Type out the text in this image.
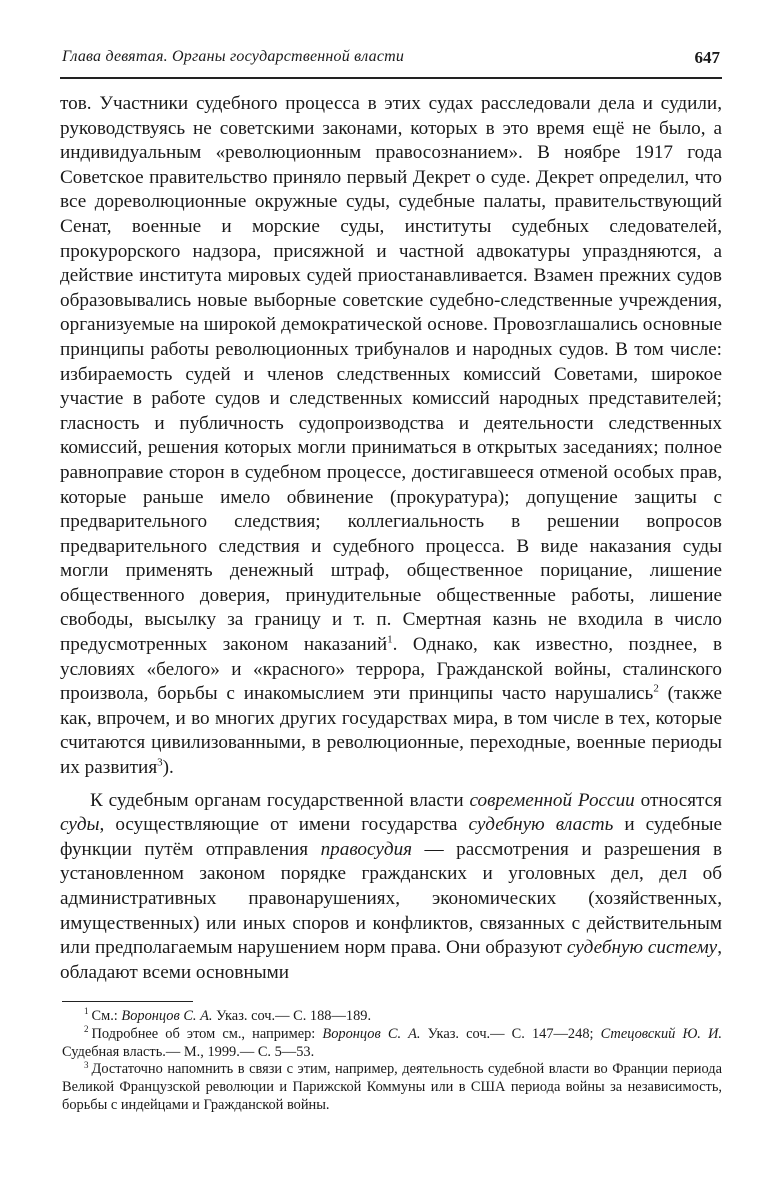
Глава девятая. Органы государственной власти	647

тов. Участники судебного процесса в этих судах расследовали дела и судили, руководствуясь не советскими законами, которых в это время ещё не было, а индивидуальным «революционным правосознанием». В ноябре 1917 года Советское правительство приняло первый Декрет о суде. Декрет определил, что все дореволюционные окружные суды, судебные палаты, правительствующий Сенат, военные и морские суды, институты судебных следователей, прокурорского надзора, присяжной и частной адвокатуры упраздняются, а действие института мировых судей приостанавливается. Взамен прежних судов образовывались новые выборные советские судебно-следственные учреждения, организуемые на широкой демократической основе. Провозглашались основные принципы работы революционных трибуналов и народных судов. В том числе: избираемость судей и членов следственных комиссий Советами, широкое участие в работе судов и следственных комиссий народных представителей; гласность и публичность судопроизводства и деятельности следственных комиссий, решения которых могли приниматься в открытых заседаниях; полное равноправие сторон в судебном процессе, достигавшееся отменой особых прав, которые раньше имело обвинение (прокуратура); допущение защиты с предварительного следствия; коллегиальность в решении вопросов предварительного следствия и судебного процесса. В виде наказания суды могли применять денежный штраф, общественное порицание, лишение общественного доверия, принудительные общественные работы, лишение свободы, высылку за границу и т. п. Смертная казнь не входила в число предусмотренных законом наказаний$^1$. Однако, как известно, позднее, в условиях «белого» и «красного» террора, Гражданской войны, сталинского произвола, борьбы с инакомыслием эти принципы часто нарушались$^2$ (также как, впрочем, и во многих других государствах мира, в том числе в тех, которые считаются цивилизованными, в революционные, переходные, военные периоды их развития$^3$).

К судебным органам государственной власти современной России относятся суды, осуществляющие от имени государства судебную власть и судебные функции путём отправления правосудия — рассмотрения и разрешения в установленном законом порядке гражданских и уголовных дел, дел об административных правонарушениях, экономических (хозяйственных, имущественных) или иных споров и конфликтов, связанных с действительным или предполагаемым нарушением норм права. Они образуют судебную систему, обладают всеми основными

$^1$ См.: Воронцов С. А. Указ. соч.— С. 188—189.

$^2$ Подробнее об этом см., например: Воронцов С. А. Указ. соч.— С. 147—248; Стецовский Ю. И. Судебная власть.— М., 1999.— С. 5—53.

$^3$ Достаточно напомнить в связи с этим, например, деятельность судебной власти во Франции периода Великой Французской революции и Парижской Коммуны или в США периода войны за независимость, борьбы с индейцами и Гражданской войны.
